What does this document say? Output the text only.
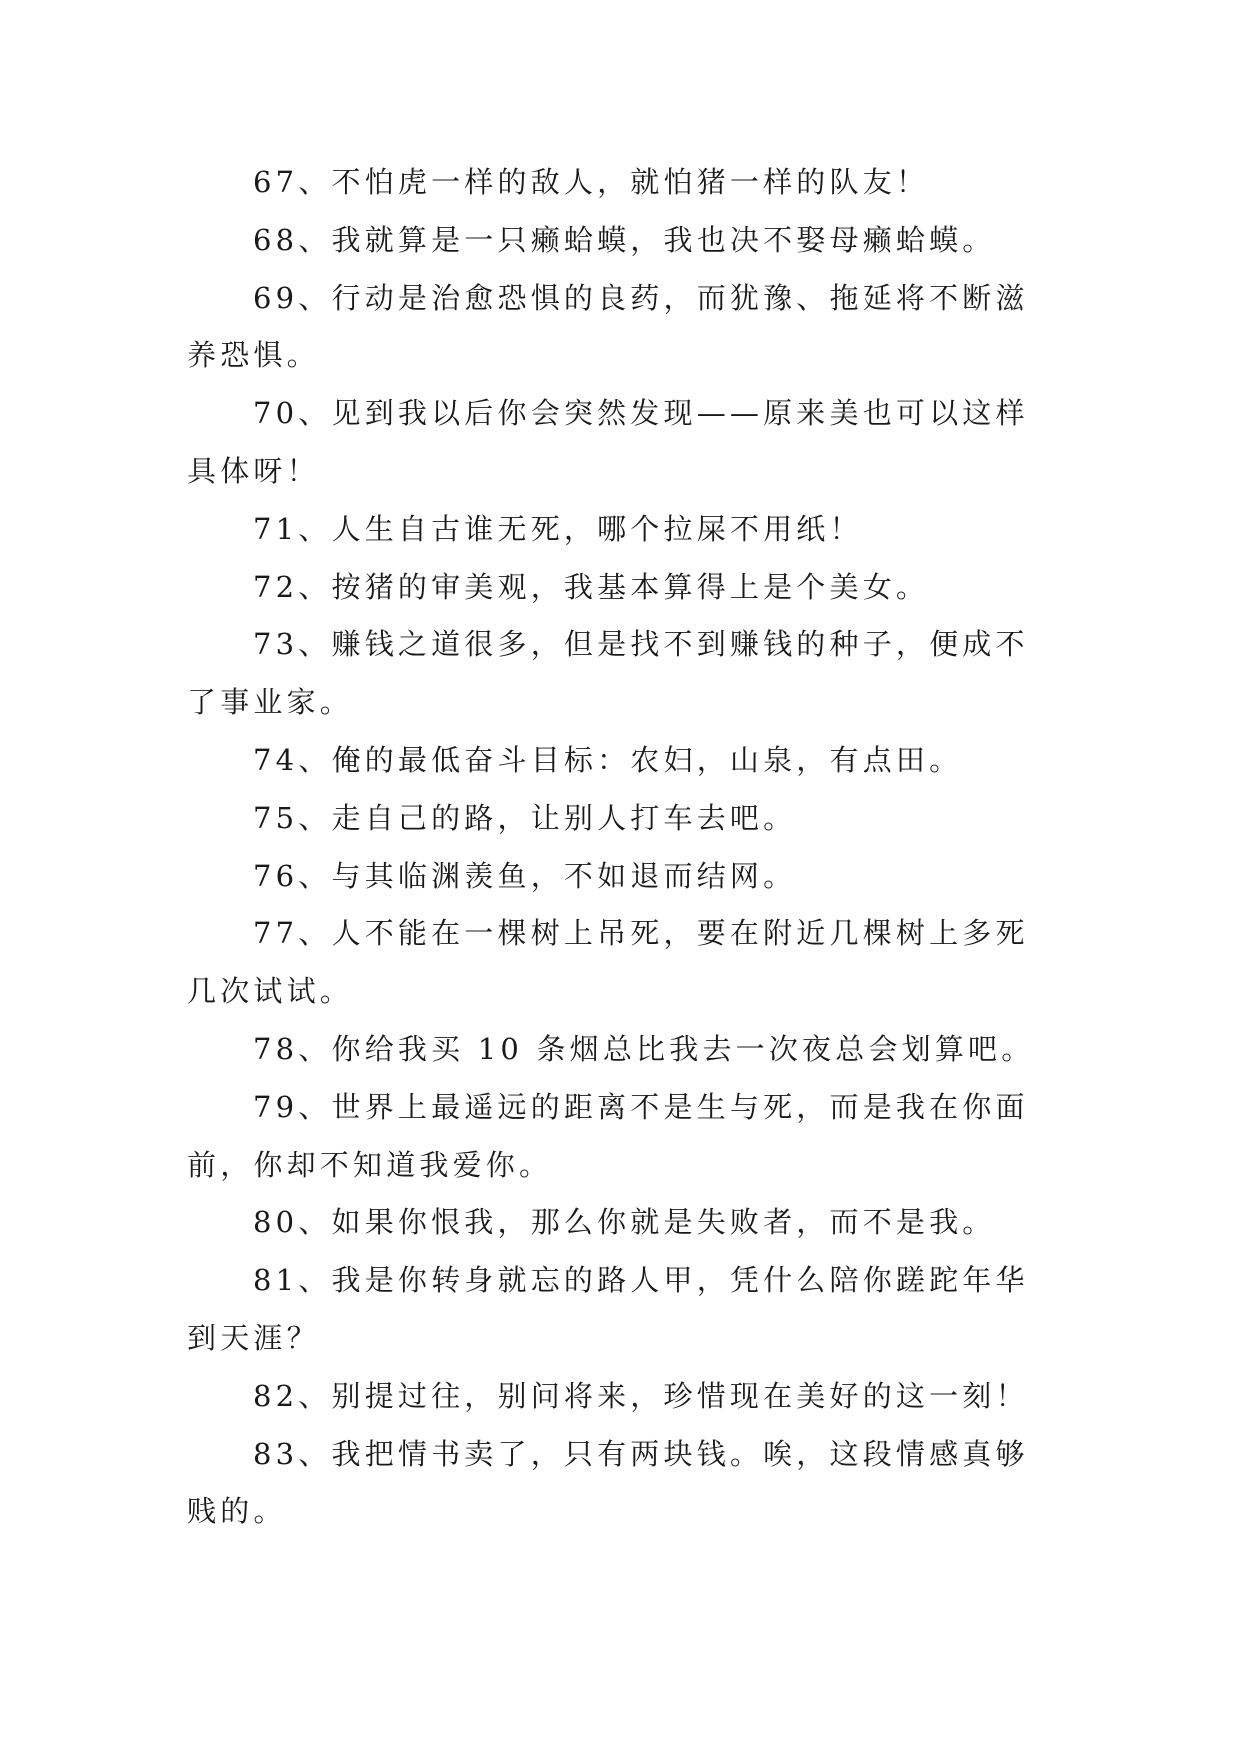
67、不怕虎一样的敌人，就怕猪一样的队友！

68、我就算是一只癞蛤蟆，我也决不娶母癞蛤蟆。

69、行动是治愈恐惧的良药，而犹豫、拖延将不断滋养恐惧。

70、见到我以后你会突然发现——原来美也可以这样具体呀！

71、人生自古谁无死，哪个拉屎不用纸！

72、按猪的审美观，我基本算得上是个美女。

73、赚钱之道很多，但是找不到赚钱的种子，便成不了事业家。

74、俺的最低奋斗目标：农妇，山泉，有点田。

75、走自己的路，让别人打车去吧。

76、与其临渊羡鱼，不如退而结网。

77、人不能在一棵树上吊死，要在附近几棵树上多死几次试试。

78、你给我买 10 条烟总比我去一次夜总会划算吧。

79、世界上最遥远的距离不是生与死，而是我在你面前，你却不知道我爱你。

80、如果你恨我，那么你就是失败者，而不是我。

81、我是你转身就忘的路人甲，凭什么陪你蹉跎年华到天涯？

82、别提过往，别问将来，珍惜现在美好的这一刻！

83、我把情书卖了，只有两块钱。唉，这段情感真够贱的。
